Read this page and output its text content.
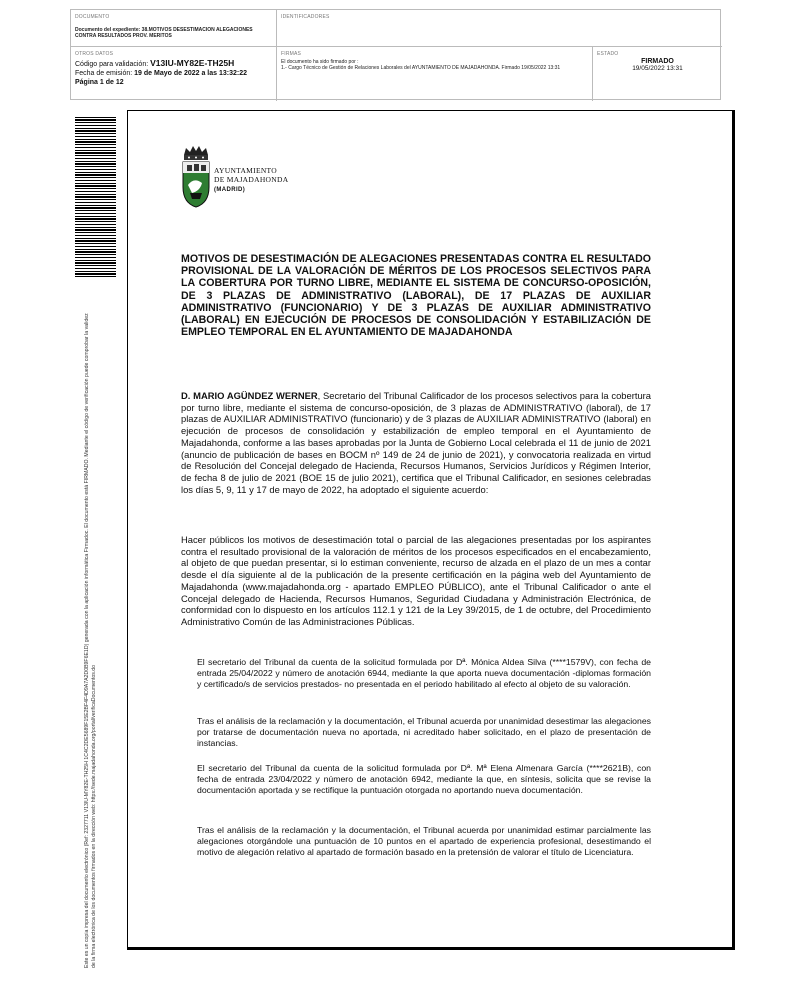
DOCUMENTO
Documento del expediente: 38.MOTIVOS DESESTIMACION ALEGACIONES CONTRA RESULTADOS PROV. MERITOS
IDENTIFICADORES
OTROS DATOS
Código para validación: V13IU-MY82E-TH25H
Fecha de emisión: 19 de Mayo de 2022 a las 13:32:22
Página 1 de 12
FIRMAS
El documento ha sido firmado por :
1.- Cargo Técnico de Gestión de Relaciones Laborales del AYUNTAMIENTO DE MAJADAHONDA. Firmado 19/05/2022 13:31
ESTADO
FIRMADO
19/05/2022 13:31
Este es un copia impresa del documento electrónico (Ref: 2327711 V13IU-MY82E-TH25H 1C4C2DE5689F15E2BF4F4D9A7A2D0B9F6E1D) generada con la aplicación informática Firmadoc. El documento está FIRMADO. Mediante el código de verificación puede comprobar la validez de la firma electrónica de los documentos firmados en la dirección web: https://sede.majadahonda.org/portal/verificaDocumentos.do
AYUNTAMIENTO
DE MAJADAHONDA
(MADRID)
MOTIVOS DE DESESTIMACIÓN DE ALEGACIONES PRESENTADAS CONTRA EL RESULTADO PROVISIONAL DE LA VALORACIÓN DE MÉRITOS DE LOS PROCESOS SELECTIVOS PARA LA COBERTURA POR TURNO LIBRE, MEDIANTE EL SISTEMA DE CONCURSO-OPOSICIÓN, DE 3 PLAZAS DE ADMINISTRATIVO (LABORAL), DE 17 PLAZAS DE AUXILIAR ADMINISTRATIVO (FUNCIONARIO) Y DE 3 PLAZAS DE AUXILIAR ADMINISTRATIVO (LABORAL) EN EJECUCIÓN DE PROCESOS DE CONSOLIDACIÓN Y ESTABILIZACIÓN DE EMPLEO TEMPORAL EN EL AYUNTAMIENTO DE MAJADAHONDA
D. MARIO AGÜNDEZ WERNER, Secretario del Tribunal Calificador de los procesos selectivos para la cobertura por turno libre, mediante el sistema de concurso-oposición, de 3 plazas de ADMINISTRATIVO (laboral), de 17 plazas de AUXILIAR ADMINISTRATIVO (funcionario) y de 3 plazas de AUXILIAR ADMINISTRATIVO (laboral) en ejecución de procesos de consolidación y estabilización de empleo temporal en el Ayuntamiento de Majadahonda, conforme a las bases aprobadas por la Junta de Gobierno Local celebrada el 11 de junio de 2021 (anuncio de publicación de bases en BOCM nº 149 de 24 de junio de 2021), y convocatoria realizada en virtud de Resolución del Concejal delegado de Hacienda, Recursos Humanos, Servicios Jurídicos y Régimen Interior, de fecha 8 de julio de 2021 (BOE 15 de julio 2021), certifica que el Tribunal Calificador, en sesiones celebradas los días 5, 9, 11 y 17 de mayo de 2022, ha adoptado el siguiente acuerdo:
Hacer públicos los motivos de desestimación total o parcial de las alegaciones presentadas por los aspirantes contra el resultado provisional de la valoración de méritos de los procesos especificados en el encabezamiento, al objeto de que puedan presentar, si lo estiman conveniente, recurso de alzada en el plazo de un mes a contar desde el día siguiente al de la publicación de la presente certificación en la página web del Ayuntamiento de Majadahonda (www.majadahonda.org - apartado EMPLEO PÚBLICO), ante el Tribunal Calificador o ante el Concejal delegado de Hacienda, Recursos Humanos, Seguridad Ciudadana y Administración Electrónica, de conformidad con lo dispuesto en los artículos 112.1 y 121 de la Ley 39/2015, de 1 de octubre, del Procedimiento Administrativo Común de las Administraciones Públicas.
El secretario del Tribunal da cuenta de la solicitud formulada por Dª. Mónica Aldea Silva (****1579V), con fecha de entrada 25/04/2022 y número de anotación 6944, mediante la que aporta nueva documentación -diplomas formación y certificado/s de servicios prestados- no presentada en el periodo habilitado al efecto al objeto de su valoración.
Tras el análisis de la reclamación y la documentación, el Tribunal acuerda por unanimidad desestimar las alegaciones por tratarse de documentación nueva no aportada, ni acreditado haber solicitado, en el plazo de presentación de instancias.
El secretario del Tribunal da cuenta de la solicitud formulada por Dª. Mª Elena Almenara García (****2621B), con fecha de entrada 23/04/2022 y número de anotación 6942, mediante la que, en síntesis, solicita que se revise la documentación aportada y se rectifique la puntuación otorgada no aportando nueva documentación.
Tras el análisis de la reclamación y la documentación, el Tribunal acuerda por unanimidad estimar parcialmente las alegaciones otorgándole una puntuación de 10 puntos en el apartado de experiencia profesional, desestimando el motivo de alegación relativo al apartado de formación basado en la pretensión de valorar el título de Licenciatura.
